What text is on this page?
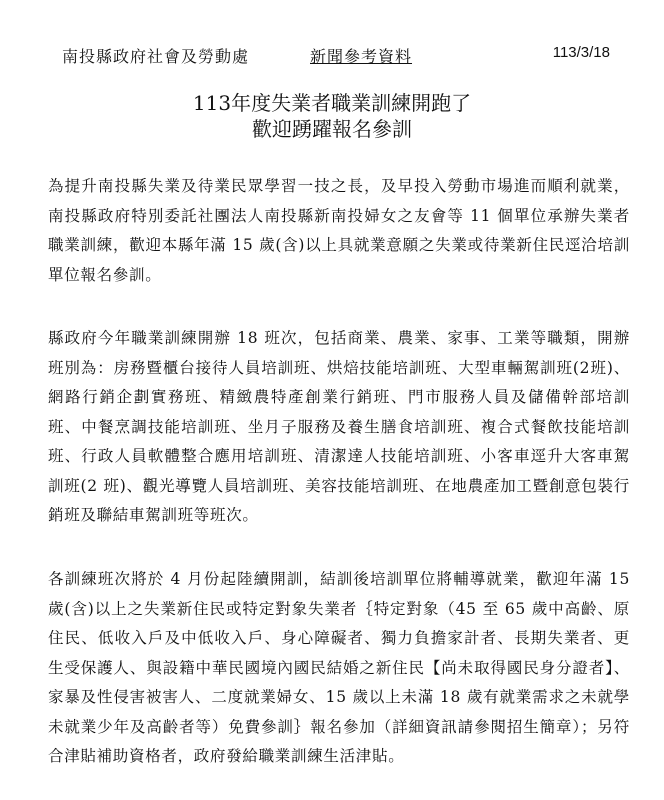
南投縣政府社會及勞動處	新聞參考資料	113/3/18
113年度失業者職業訓練開跑了
歡迎踴躍報名參訓

為提升南投縣失業及待業民眾學習一技之長，及早投入勞動市場進而順利就業，南投縣政府特別委託社團法人南投縣新南投婦女之友會等 11 個單位承辦失業者職業訓練，歡迎本縣年滿 15 歲(含)以上具就業意願之失業或待業新住民逕洽培訓單位報名參訓。

縣政府今年職業訓練開辦 18 班次，包括商業、農業、家事、工業等職類，開辦班別為：房務暨櫃台接待人員培訓班、烘焙技能培訓班、大型車輛駕訓班(2班)、網路行銷企劃實務班、精緻農特產創業行銷班、門市服務人員及儲備幹部培訓班、中餐烹調技能培訓班、坐月子服務及養生膳食培訓班、複合式餐飲技能培訓班、行政人員軟體整合應用培訓班、清潔達人技能培訓班、小客車逕升大客車駕訓班(2 班)、觀光導覽人員培訓班、美容技能培訓班、在地農產加工暨創意包裝行銷班及聯結車駕訓班等班次。

各訓練班次將於 4 月份起陸續開訓，結訓後培訓單位將輔導就業，歡迎年滿 15 歲(含)以上之失業新住民或特定對象失業者｛特定對象（45 至 65 歲中高齡、原住民、低收入戶及中低收入戶、身心障礙者、獨力負擔家計者、長期失業者、更生受保護人、與設籍中華民國境內國民結婚之新住民【尚未取得國民身分證者】、家暴及性侵害被害人、二度就業婦女、15 歲以上未滿 18 歲有就業需求之未就學未就業少年及高齡者等）免費參訓｝報名參加（詳細資訊請參閱招生簡章）；另符合津貼補助資格者，政府發給職業訓練生活津貼。
